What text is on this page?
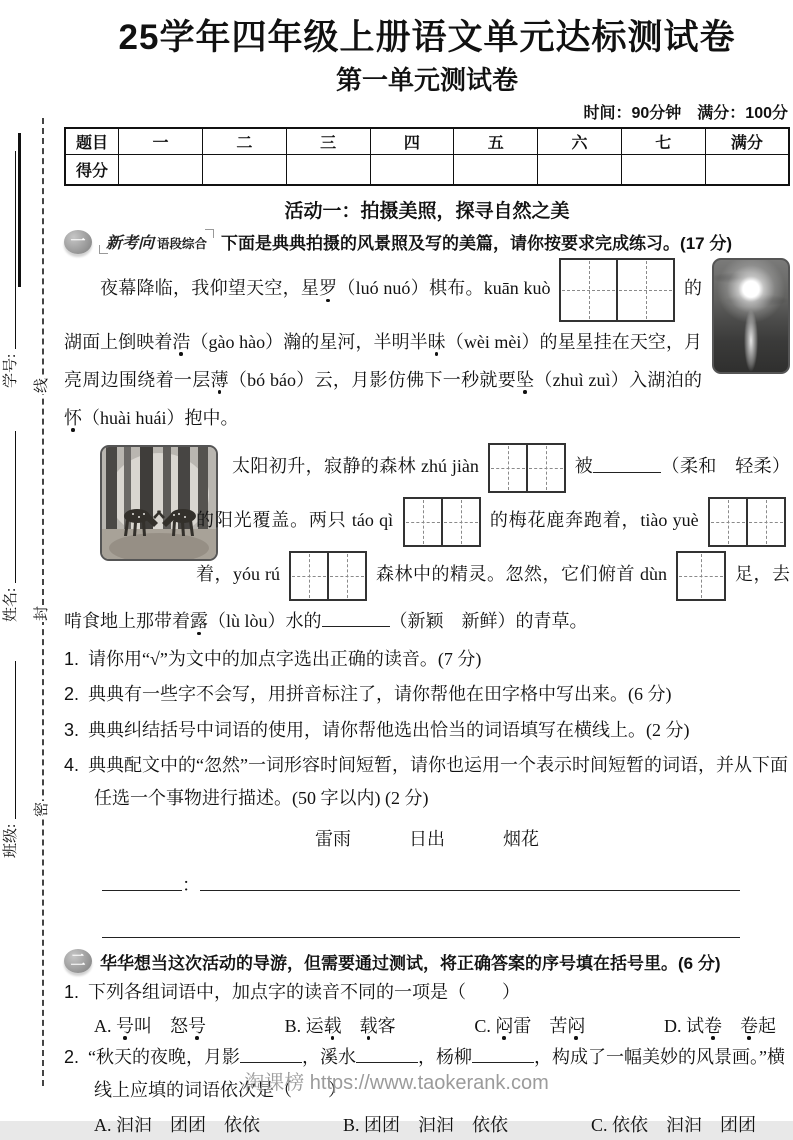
学号:
姓名:
班级:
线
封
密
25学年四年级上册语文单元达标测试卷
第一单元测试卷
时间：90分钟　满分：100分
题目	一	二	三	四	五	六	七	满分
得分								
活动一：拍摄美照，探寻自然之美
一	新考向 语段综合 下面是典典拍摄的风景照及写的美篇，请你按要求完成练习。(17 分)
夜幕降临，我仰望天空，星罗（luó nuó）棋布。kuān kuò	的湖面上倒映着浩（gào hào）瀚的星河，半明半昧（wèi mèi）的星星挂在天空，月亮周边围绕着一层薄（bó báo）云，月影仿佛下一秒就要坠（zhuì zuì）入湖泊的怀（huài huái）抱中。
太阳初升，寂静的森林 zhú jiàn	被	（柔和　轻柔）的阳光覆盖。两只 táo qì	的梅花鹿奔跑着，tiào yuè
着，yóu rú	森林中的精灵。忽然，它们俯首 dùn	足，去啃食地上那带着露（lù lòu）水的	（新颖　新鲜）的青草。
1. 请你用“√”为文中的加点字选出正确的读音。(7 分)
2. 典典有一些字不会写，用拼音标注了，请你帮他在田字格中写出来。(6 分)
3. 典典纠结括号中词语的使用，请你帮他选出恰当的词语填写在横线上。(2 分)
4. 典典配文中的“忽然”一词形容时间短暂，请你也运用一个表示时间短暂的词语，并从下面任选一个事物进行描述。(50 字以内) (2 分)
雷雨	日出	烟花
：
二 华华想当这次活动的导游，但需要通过测试，将正确答案的序号填在括号里。(6 分)
1. 下列各组词语中，加点字的读音不同的一项是（　　）
A. 号叫　怒号	B. 运载　 载客	C. 闷雷　苦闷	D. 试卷　 卷起
2. “秋天的夜晚，月影	，溪水	，杨柳	，构成了一幅美妙的风景画。”横线上应填的词语依次是（　　）
A. 汩汩　团团　依依	B. 团团　汩汩　依依	C. 依依　汩汩　团团
淘课榜 https://www.taokerank.com
